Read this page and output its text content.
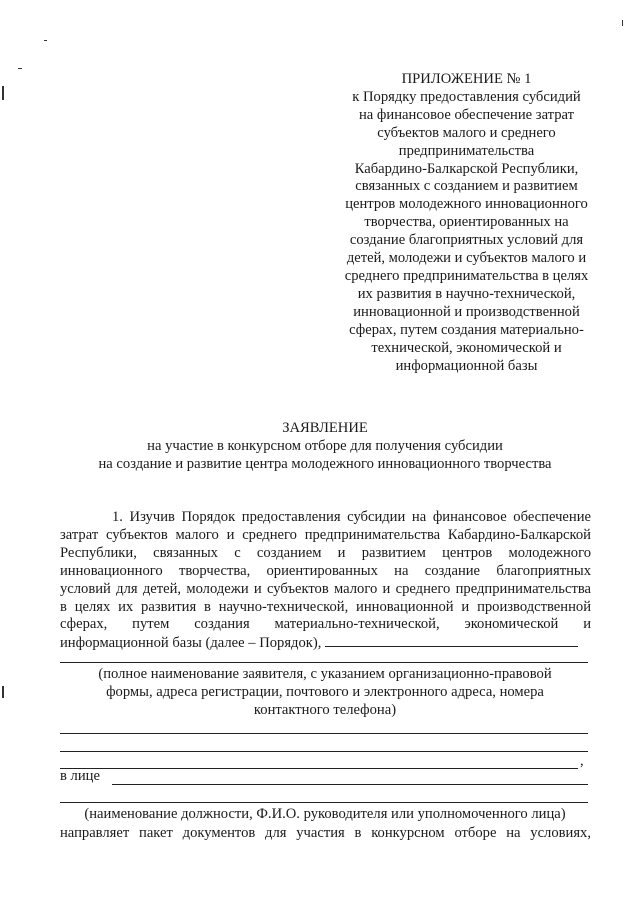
ПРИЛОЖЕНИЕ № 1
к Порядку предоставления субсидий
на финансовое обеспечение затрат
субъектов малого и среднего
предпринимательства
Кабардино-Балкарской Республики,
связанных с созданием и развитием
центров молодежного инновационного
творчества, ориентированных на
создание благоприятных условий для
детей, молодежи и субъектов малого и
среднего предпринимательства в целях
их развития в научно-технической,
инновационной и производственной
сферах, путем создания материально-
технической, экономической и
информационной базы
ЗАЯВЛЕНИЕ
на участие в конкурсном отборе для получения субсидии
на создание и развитие центра молодежного инновационного творчества
1. Изучив Порядок предоставления субсидии на финансовое обеспечение
затрат субъектов малого и среднего предпринимательства Кабардино-Балкарской
Республики, связанных с созданием и развитием центров молодежного
инновационного творчества, ориентированных на создание благоприятных
условий для детей, молодежи и субъектов малого и среднего предпринимательства
в целях их развития в научно-технической, инновационной и производственной
сферах, путем создания материально-технической, экономической и
информационной базы (далее – Порядок),
(полное наименование заявителя, с указанием организационно-правовой
формы, адреса регистрации, почтового и электронного адреса, номера
контактного телефона)
,
в лице
(наименование должности, Ф.И.О. руководителя или уполномоченного лица)
направляет пакет документов для участия в конкурсном отборе на условиях,
